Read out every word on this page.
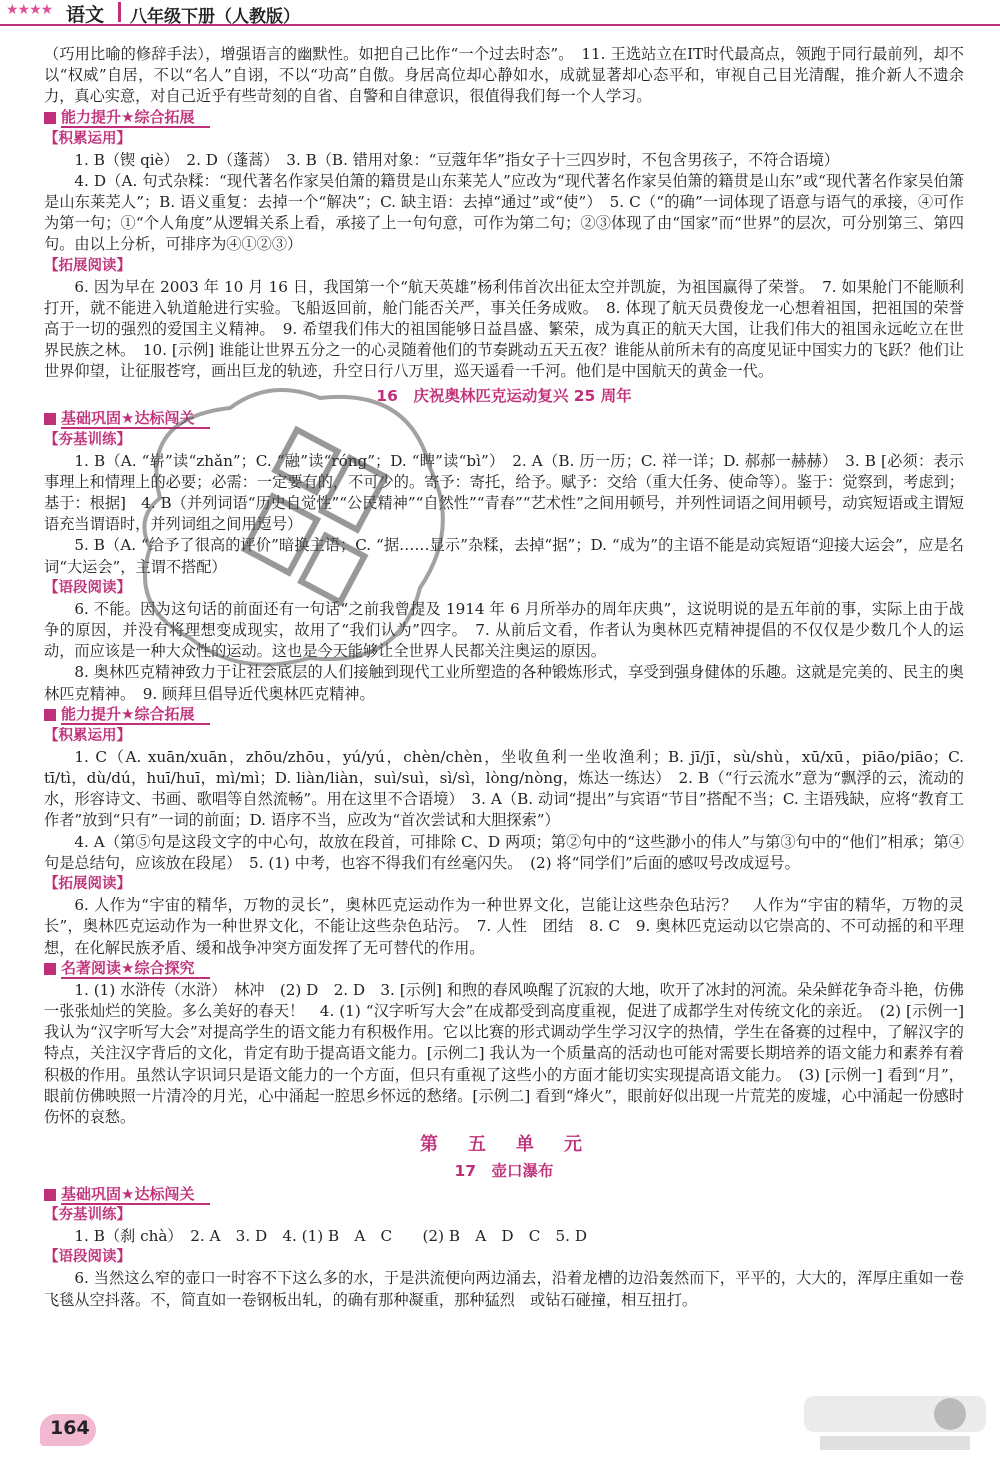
★★★★ 语文 八年级下册（人教版）

（巧用比喻的修辞手法），增强语言的幽默性。如把自己比作“一个过去时态”。　11. 王选站立在IT时代最高点，领跑于同行最前列，却不以“权威”自居，不以“名人”自诩，不以“功高”自傲。身居高位却心静如水，成就显著却心态平和，审视自己目光清醒，推介新人不遗余力，真心实意，对自己近乎有些苛刻的自省、自警和自律意识，很值得我们每一个人学习。

能力提升★综合拓展
【积累运用】

1. B（锲 qiè）　2. D（蓬蒿）　3. B（B. 错用对象：“豆蔻年华”指女子十三四岁时，不包含男孩子，不符合语境）

4. D（A. 句式杂糅：“现代著名作家吴伯箫的籍贯是山东莱芜人”应改为“现代著名作家吴伯箫的籍贯是山东”或“现代著名作家吴伯箫是山东莱芜人”；B. 语义重复：去掉一个“解决”；C. 缺主语：去掉“通过”或“使”）　5. C（“的确”一词体现了语意与语气的承接，④可作为第一句；①“个人角度”从逻辑关系上看，承接了上一句句意，可作为第二句；②③体现了由“国家”而“世界”的层次，可分别第三、第四句。由以上分析，可排序为④①②③）

【拓展阅读】

6. 因为早在 2003 年 10 月 16 日，我国第一个“航天英雄”杨利伟首次出征太空并凯旋，为祖国赢得了荣誉。　7. 如果舱门不能顺利打开，就不能进入轨道舱进行实验。飞船返回前，舱门能否关严，事关任务成败。　8. 体现了航天员费俊龙一心想着祖国，把祖国的荣誉高于一切的强烈的爱国主义精神。　9. 希望我们伟大的祖国能够日益昌盛、繁荣，成为真正的航天大国，让我们伟大的祖国永远屹立在世界民族之林。　10. [示例] 谁能让世界五分之一的心灵随着他们的节奏跳动五天五夜？谁能从前所未有的高度见证中国实力的飞跃？他们让世界仰望，让征服苍穹，画出巨龙的轨迹，升空日行八万里，巡天遥看一千河。他们是中国航天的黄金一代。

16　庆祝奥林匹克运动复兴 25 周年
基础巩固★达标闯关
【夯基训练】

1. B（A. “崭”读“zhǎn”；C. “融”读“róng”；D. “睥”读“bì”）　2. A（B. 历一历；C. 祥一详；D. 郝郝一赫赫）　3. B [必须：表示事理上和情理上的必要；必需：一定要有的，不可少的。寄予：寄托，给予。赋予：交给（重大任务、使命等）。鉴于：觉察到，考虑到；基于：根据]　4. B（并列词语“历史自觉性”“公民精神”“自然性”“青春”“艺术性”之间用顿号，并列性词语之间用顿号，动宾短语或主谓短语充当谓语时，并列词组之间用逗号）

5. B（A. “给予了很高的评价”暗换主语；C. “据……显示”杂糅，去掉“据”；D. “成为”的主语不能是动宾短语“迎接大运会”，应是名词“大运会”，主谓不搭配）

【语段阅读】

6. 不能。因为这句话的前面还有一句话“之前我曾提及 1914 年 6 月所举办的周年庆典”，这说明说的是五年前的事，实际上由于战争的原因，并没有将理想变成现实，故用了“我们认为”四字。　7. 从前后文看，作者认为奥林匹克精神提倡的不仅仅是少数几个人的运动，而应该是一种大众性的运动。这也是今天能够让全世界人民都关注奥运的原因。

8. 奥林匹克精神致力于让社会底层的人们接触到现代工业所塑造的各种锻炼形式，享受到强身健体的乐趣。这就是完美的、民主的奥林匹克精神。　9. 顾拜旦倡导近代奥林匹克精神。

能力提升★综合拓展
【积累运用】

1. C（A. xuān/xuān，zhōu/zhōu，yú/yú，chèn/chèn，坐收鱼利一坐收渔利；B. jī/jī，sù/shù，xū/xū，piāo/piāo；C. tī/tì，dù/dú，huī/huī，mì/mì；D. liàn/liàn，suì/suì，sì/sì，lòng/nòng，炼达一练达）　2. B（“行云流水”意为“飘浮的云，流动的水，形容诗文、书画、歌唱等自然流畅”。用在这里不合语境）　3. A（B. 动词“提出”与宾语“节目”搭配不当；C. 主语残缺，应将“教育工作者”放到“只有”一词的前面；D. 语序不当，应改为“首次尝试和大胆探索”）

4. A（第⑤句是这段文字的中心句，故放在段首，可排除 C、D 两项；第②句中的“这些渺小的伟人”与第③句中的“他们”相承；第④句是总结句，应该放在段尾）　5. (1) 中考，也容不得我们有丝毫闪失。　(2) 将“同学们”后面的感叹号改成逗号。

【拓展阅读】

6. 人作为“宇宙的精华，万物的灵长”，奥林匹克运动作为一种世界文化，岂能让这些杂色玷污？　人作为“宇宙的精华，万物的灵长”，奥林匹克运动作为一种世界文化，不能让这些杂色玷污。　7. 人性　团结　8. C　9. 奥林匹克运动以它崇高的、不可动摇的和平理想，在化解民族矛盾、缓和战争冲突方面发挥了无可替代的作用。

名著阅读★综合探究

1. (1) 水浒传（水浒）　林冲　(2) D　2. D　3. [示例] 和煦的春风唤醒了沉寂的大地，吹开了冰封的河流。朵朵鲜花争奇斗艳，仿佛一张张灿烂的笑脸。多么美好的春天！　4. (1) “汉字听写大会”在成都受到高度重视，促进了成都学生对传统文化的亲近。　(2) [示例一] 我认为“汉字听写大会”对提高学生的语文能力有积极作用。它以比赛的形式调动学生学习汉字的热情，学生在备赛的过程中，了解汉字的特点，关注汉字背后的文化，肯定有助于提高语文能力。[示例二] 我认为一个质量高的活动也可能对需要长期培养的语文能力和素养有着积极的作用。虽然认字识词只是语文能力的一个方面，但只有重视了这些小的方面才能切实实现提高语文能力。　(3) [示例一] 看到“月”，眼前仿佛映照一片清冷的月光，心中涌起一腔思乡怀远的愁绪。[示例二] 看到“烽火”，眼前好似出现一片荒芜的废墟，心中涌起一份感时伤怀的哀愁。

第　五　单　元
17　壶口瀑布
基础巩固★达标闯关
【夯基训练】

1. B（刹 chà）　2. A　3. D　4. (1) B　A　C　　(2) B　A　D　C　5. D

【语段阅读】

6. 当然这么窄的壶口一时容不下这么多的水，于是洪流便向两边涌去，沿着龙槽的边沿轰然而下，平平的，大大的，浑厚庄重如一卷飞毯从空抖落。不，简直如一卷钢板出轧，的确有那种凝重，那种猛烈　或钻石碰撞，相互扭打。

164
